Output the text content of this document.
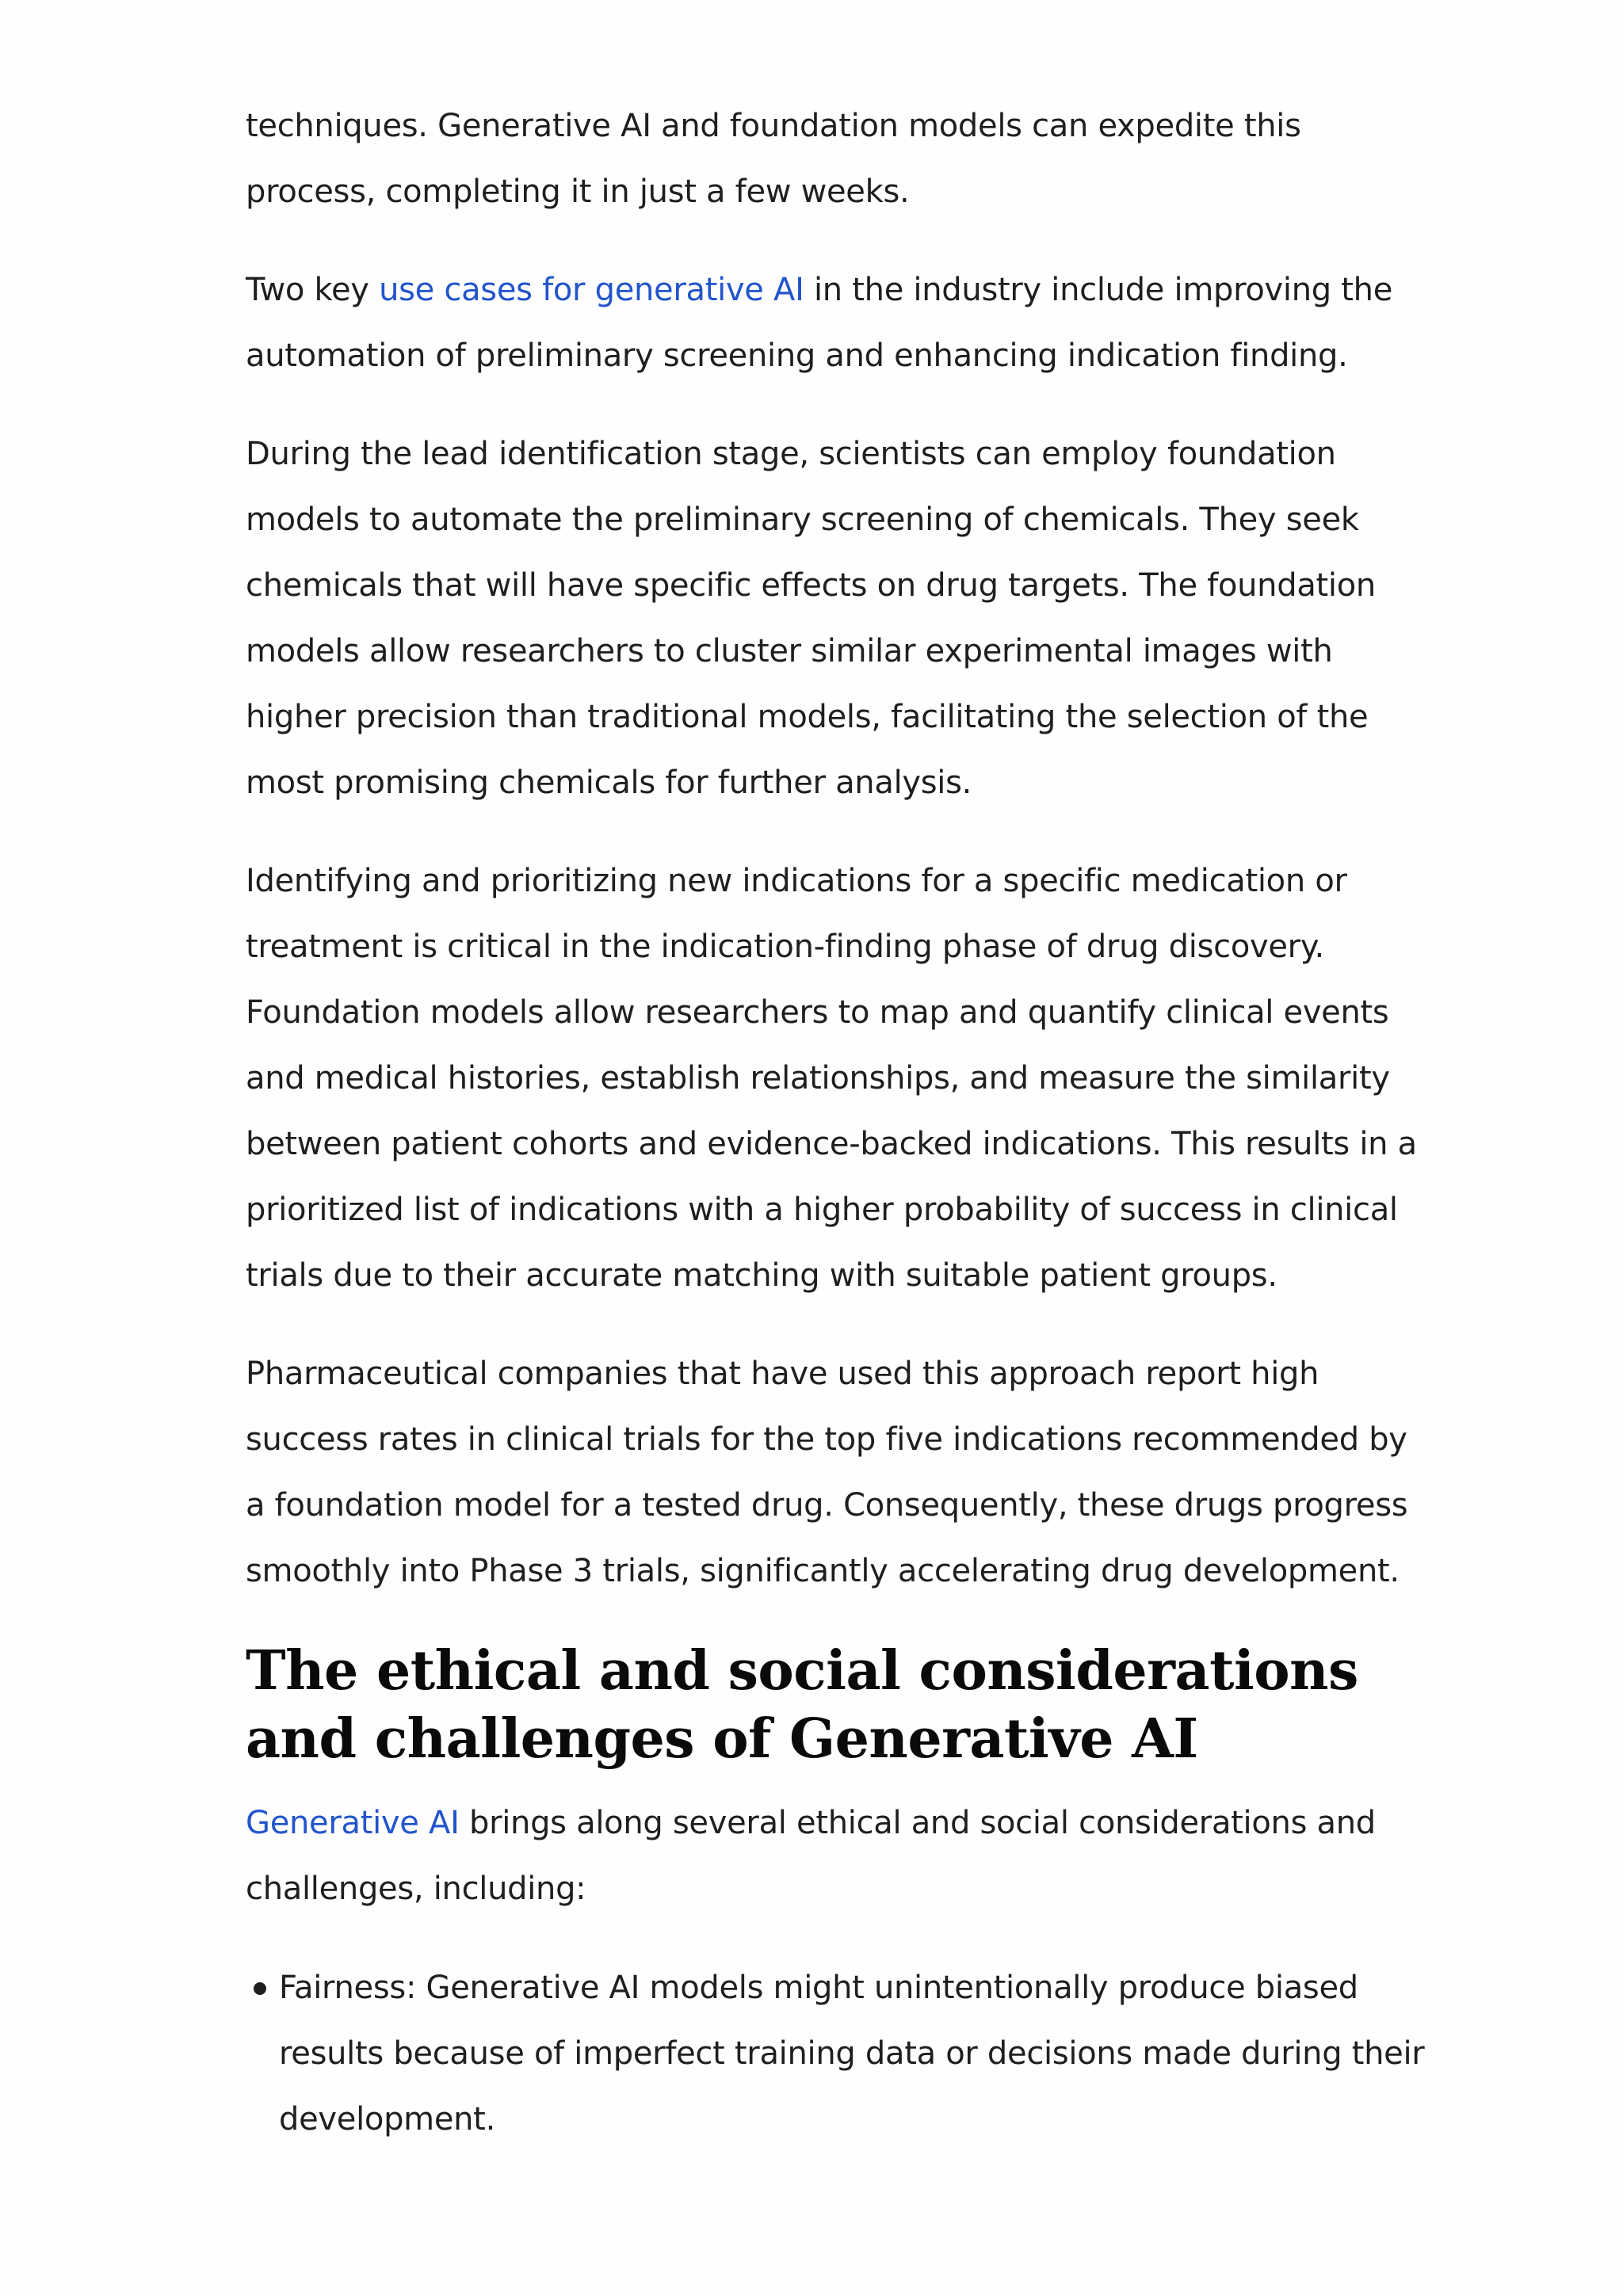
techniques. Generative AI and foundation models can expedite this process, completing it in just a few weeks.

Two key use cases for generative AI in the industry include improving the automation of preliminary screening and enhancing indication finding.

During the lead identification stage, scientists can employ foundation models to automate the preliminary screening of chemicals. They seek chemicals that will have specific effects on drug targets. The foundation models allow researchers to cluster similar experimental images with higher precision than traditional models, facilitating the selection of the most promising chemicals for further analysis.

Identifying and prioritizing new indications for a specific medication or treatment is critical in the indication-finding phase of drug discovery. Foundation models allow researchers to map and quantify clinical events and medical histories, establish relationships, and measure the similarity between patient cohorts and evidence-backed indications. This results in a prioritized list of indications with a higher probability of success in clinical trials due to their accurate matching with suitable patient groups.

Pharmaceutical companies that have used this approach report high success rates in clinical trials for the top five indications recommended by a foundation model for a tested drug. Consequently, these drugs progress smoothly into Phase 3 trials, significantly accelerating drug development.

The ethical and social considerations and challenges of Generative AI

Generative AI brings along several ethical and social considerations and challenges, including:

Fairness: Generative AI models might unintentionally produce biased results because of imperfect training data or decisions made during their development.
